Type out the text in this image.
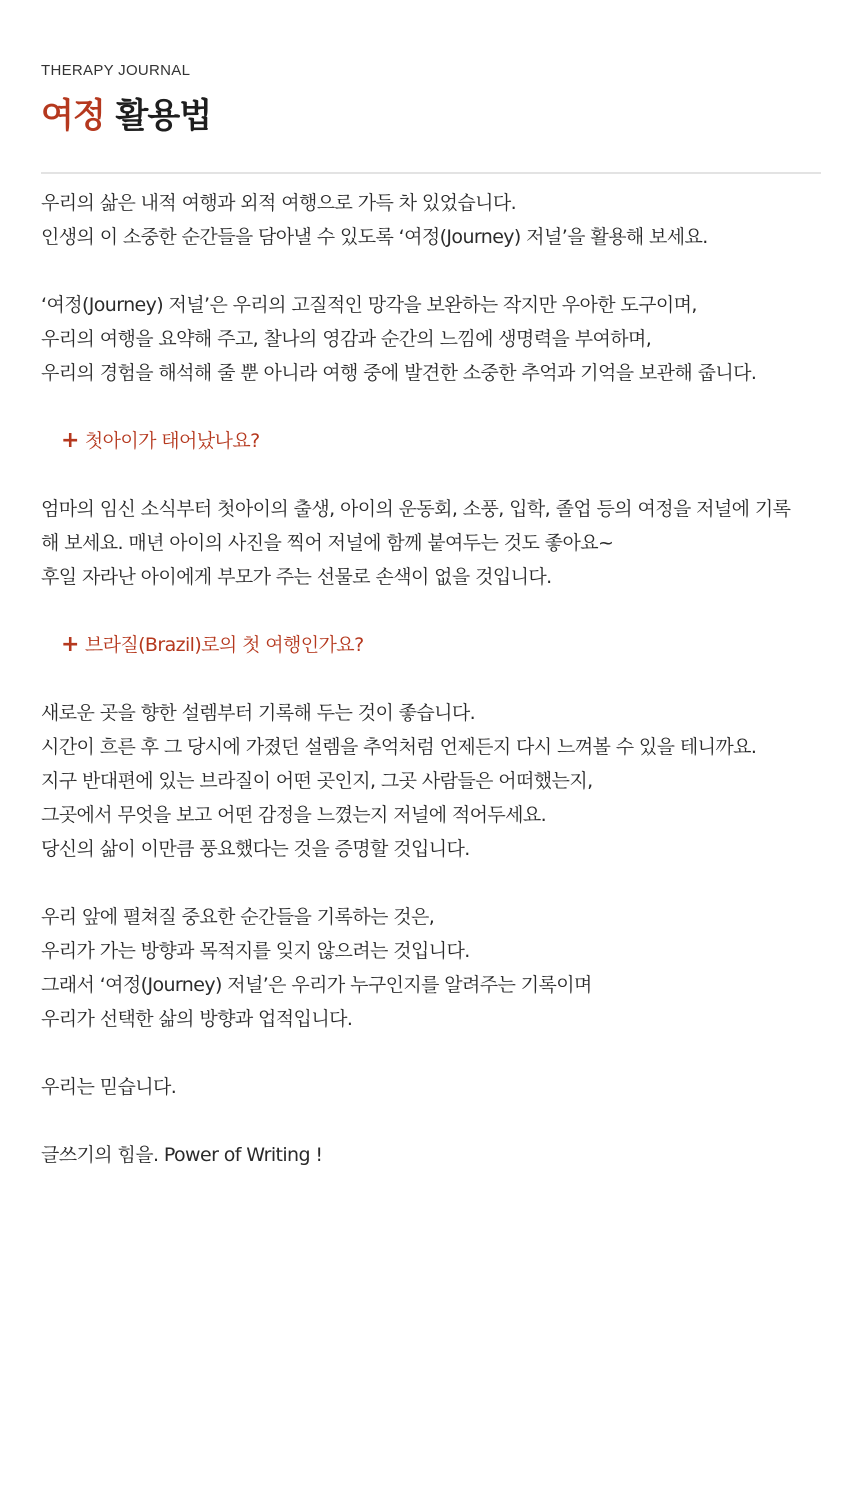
THERAPY JOURNAL
여정 활용법
우리의 삶은 내적 여행과 외적 여행으로 가득 차 있었습니다.
인생의 이 소중한 순간들을 담아낼 수 있도록 ‘여정(Journey) 저널’을 활용해 보세요.
‘여정(Journey) 저널’은 우리의 고질적인 망각을 보완하는 작지만 우아한 도구이며,
우리의 여행을 요약해 주고, 찰나의 영감과 순간의 느낌에 생명력을 부여하며,
우리의 경험을 해석해 줄 뿐 아니라 여행 중에 발견한 소중한 추억과 기억을 보관해 줍니다.
+ 첫아이가 태어났나요?
엄마의 임신 소식부터 첫아이의 출생, 아이의 운동회, 소풍, 입학, 졸업 등의 여정을 저널에 기록
해 보세요. 매년 아이의 사진을 찍어 저널에 함께 붙여두는 것도 좋아요~
후일 자라난 아이에게 부모가 주는 선물로 손색이 없을 것입니다.
+ 브라질(Brazil)로의 첫 여행인가요?
새로운 곳을 향한 설렘부터 기록해 두는 것이 좋습니다.
시간이 흐른 후 그 당시에 가졌던 설렘을 추억처럼 언제든지 다시 느껴볼 수 있을 테니까요.
지구 반대편에 있는 브라질이 어떤 곳인지, 그곳 사람들은 어떠했는지,
그곳에서 무엇을 보고 어떤 감정을 느꼈는지 저널에 적어두세요.
당신의 삶이 이만큼 풍요했다는 것을 증명할 것입니다.
우리 앞에 펼쳐질 중요한 순간들을 기록하는 것은,
우리가 가는 방향과 목적지를 잊지 않으려는 것입니다.
그래서 ‘여정(Journey) 저널’은 우리가 누구인지를 알려주는 기록이며
우리가 선택한 삶의 방향과 업적입니다.
우리는 믿습니다.
글쓰기의 힘을. Power of Writing !
